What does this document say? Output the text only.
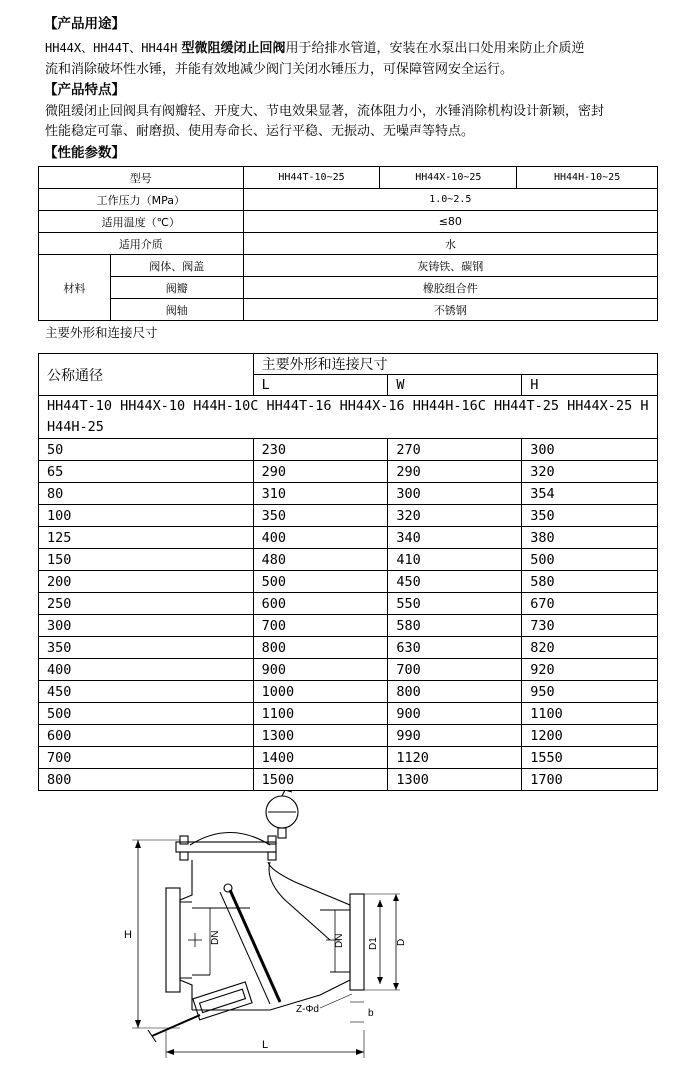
【产品用途】
HH44X、HH44T、HH44H 型微阻缓闭止回阀用于给排水管道，安装在水泵出口处用来防止介质逆
流和消除破坏性水锤，并能有效地减少阀门关闭水锤压力，可保障管网安全运行。
【产品特点】
微阻缓闭止回阀具有阀瓣轻、开度大、节电效果显著，流体阻力小，水锤消除机构设计新颖，密封
性能稳定可靠、耐磨损、使用寿命长、运行平稳、无振动、无噪声等特点。
【性能参数】
型号		HH44T-10~25	HH44X-10~25	HH44H-10~25
工作压力（MPa）		1.0~2.5		
适用温度（℃）		≤80		
适用介质		水		
材料	阀体、阀盖	灰铸铁、碳钢		
	阀瓣	橡胶组合件		
	阀轴	不锈钢		
主要外形和连接尺寸
公称通径	主要外形和连接尺寸		
	L	W	H
HH44T-10 HH44X-10 H44H-10C HH44T-16 HH44X-16 HH44H-16C HH44T-25 HH44X-25 H H44H-25			
50	230	270	300
65	290	290	320
80	310	300	354
100	350	320	350
125	400	340	380
150	480	410	500
200	500	450	580
250	600	550	670
300	700	580	730
350	800	630	820
400	900	700	920
450	1000	800	950
500	1100	900	1100
600	1300	990	1200
700	1400	1120	1550
800	1500	1300	1700
H	DN	DN D1 D
Z-Φd	b
L
